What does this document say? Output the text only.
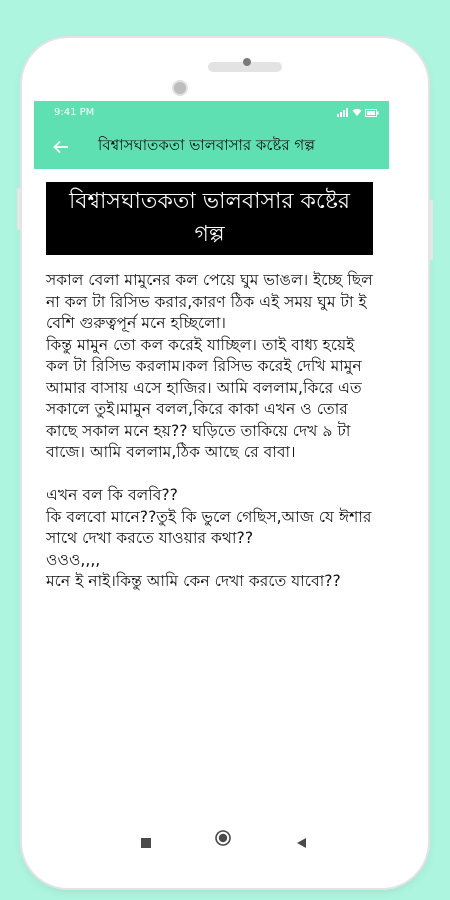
9:41 PM
বিশ্বাসঘাতকতা ভালবাসার কষ্টের গল্প
বিশ্বাসঘাতকতা ভালবাসার কষ্টের গল্প
সকাল বেলা মামুনের কল পেয়ে ঘুম ভাঙল। ইচ্ছে ছিল না কল টা রিসিভ করার,কারণ ঠিক এই সময় ঘুম টা ই বেশি গুরুত্বপূর্ন মনে হচ্ছিলো।
কিন্তু মামুন তো কল করেই যাচ্ছিল। তাই বাধ্য হয়েই কল টা রিসিভ করলাম।কল রিসিভ করেই দেখি মামুন আমার বাসায় এসে হাজির। আমি বললাম,কিরে এত সকালে তুই।মামুন বলল,কিরে কাকা এখন ও তোর কাছে সকাল মনে হয়?? ঘড়িতে তাকিয়ে দেখ ৯ টা বাজে। আমি বললাম,ঠিক আছে রে বাবা।

এখন বল কি বলবি??
কি বলবো মানে??তুই কি ভুলে গেছিস,আজ যে ঈশার সাথে দেখা করতে যাওয়ার কথা??
ওওও,,,,
মনে ই নাই।কিন্তু আমি কেন দেখা করতে যাবো??
